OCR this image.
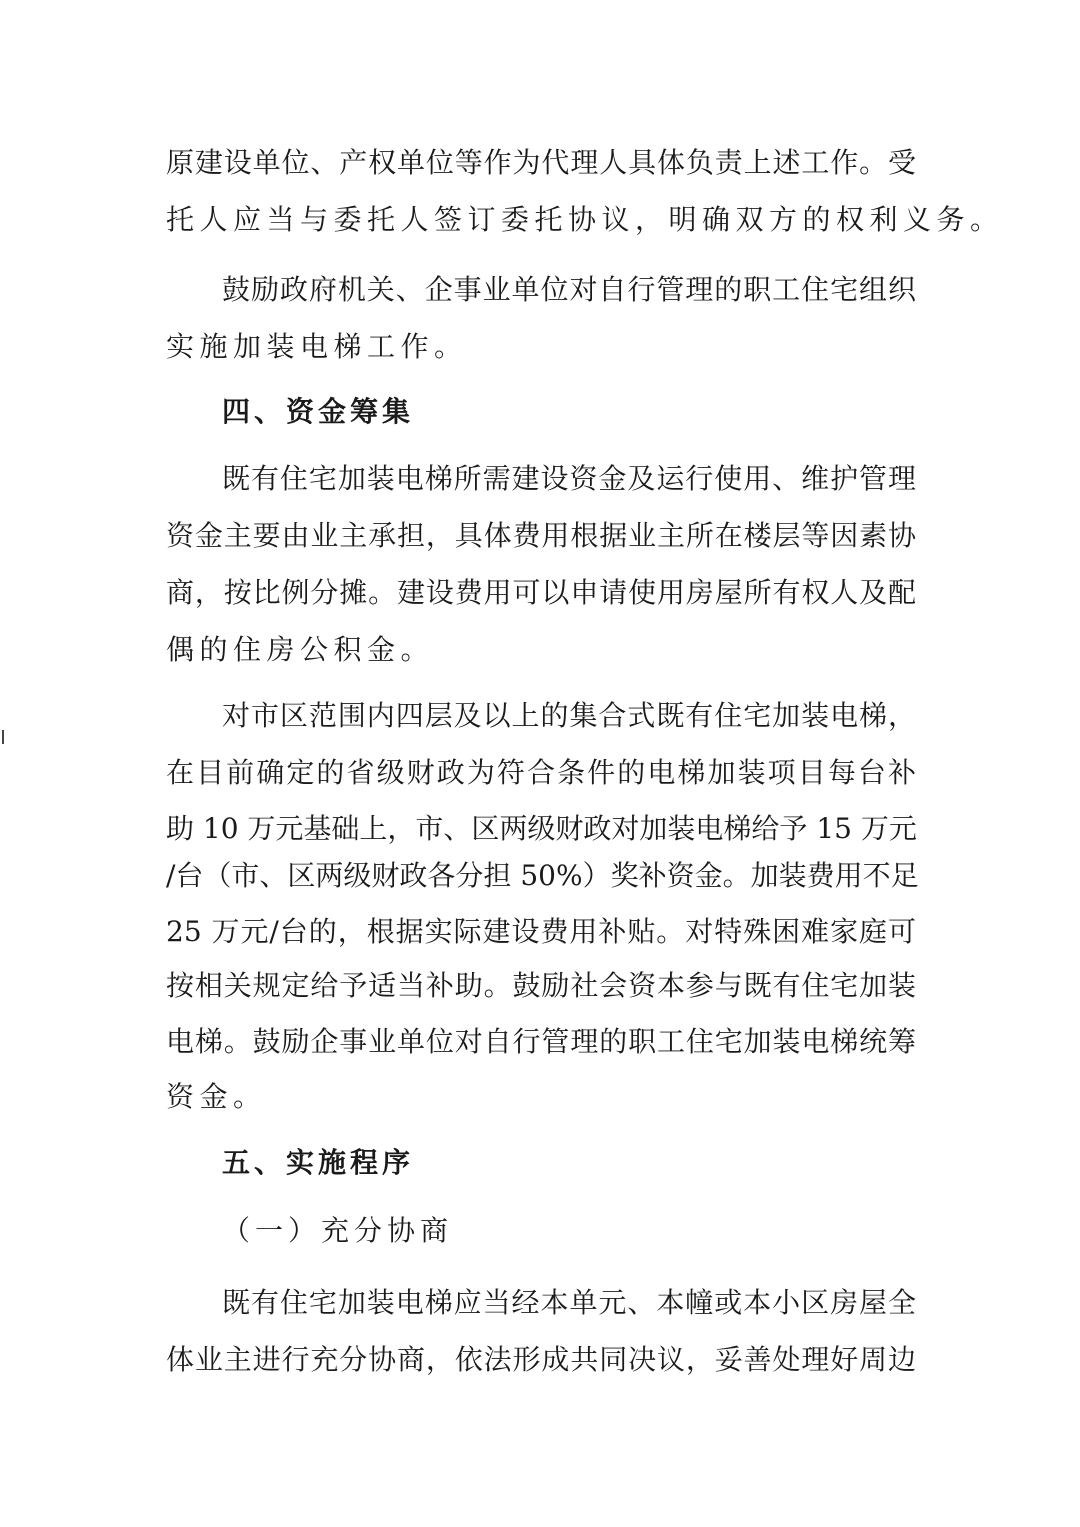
原建设单位、产权单位等作为代理人具体负责上述工作。受
托人应当与委托人签订委托协议，明确双方的权利义务。
鼓励政府机关、企事业单位对自行管理的职工住宅组织
实施加装电梯工作。
四、资金筹集
既有住宅加装电梯所需建设资金及运行使用、维护管理
资金主要由业主承担，具体费用根据业主所在楼层等因素协
商，按比例分摊。建设费用可以申请使用房屋所有权人及配
偶的住房公积金。
对市区范围内四层及以上的集合式既有住宅加装电梯，
在目前确定的省级财政为符合条件的电梯加装项目每台补
助 10 万元基础上，市、区两级财政对加装电梯给予 15 万元
/台（市、区两级财政各分担 50%）奖补资金。加装费用不足
25 万元/台的，根据实际建设费用补贴。对特殊困难家庭可
按相关规定给予适当补助。鼓励社会资本参与既有住宅加装
电梯。鼓励企事业单位对自行管理的职工住宅加装电梯统筹
资金。
五、实施程序
（一）充分协商
既有住宅加装电梯应当经本单元、本幢或本小区房屋全
体业主进行充分协商，依法形成共同决议，妥善处理好周边
